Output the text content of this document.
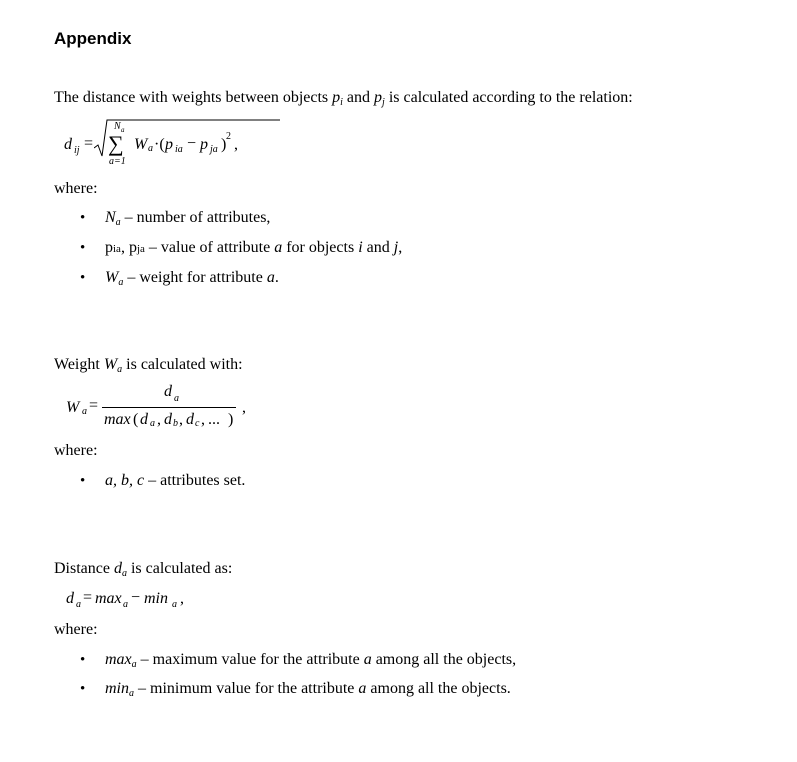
Appendix
The distance with weights between objects $p_i$ and $p_j$ is calculated according to the relation:
d ij =
N a
∑
a=1
W a ·( p ia − p ja ) 2 ,
where:
• $N_a$ – number of attributes,
• pia, pja – value of attribute a for objects i and j,
• $W_a$ – weight for attribute a.
Weight $W_a$ is calculated with:
W a =
d a
max ( d a , d b , d c , ... )
,
where:
• a, b, c – attributes set.
Distance $d_a$ is calculated as:
d a = max a − min a ,
where:
• $\max_a$ – maximum value for the attribute a among all the objects,
• $\min_a$ – minimum value for the attribute a among all the objects.
